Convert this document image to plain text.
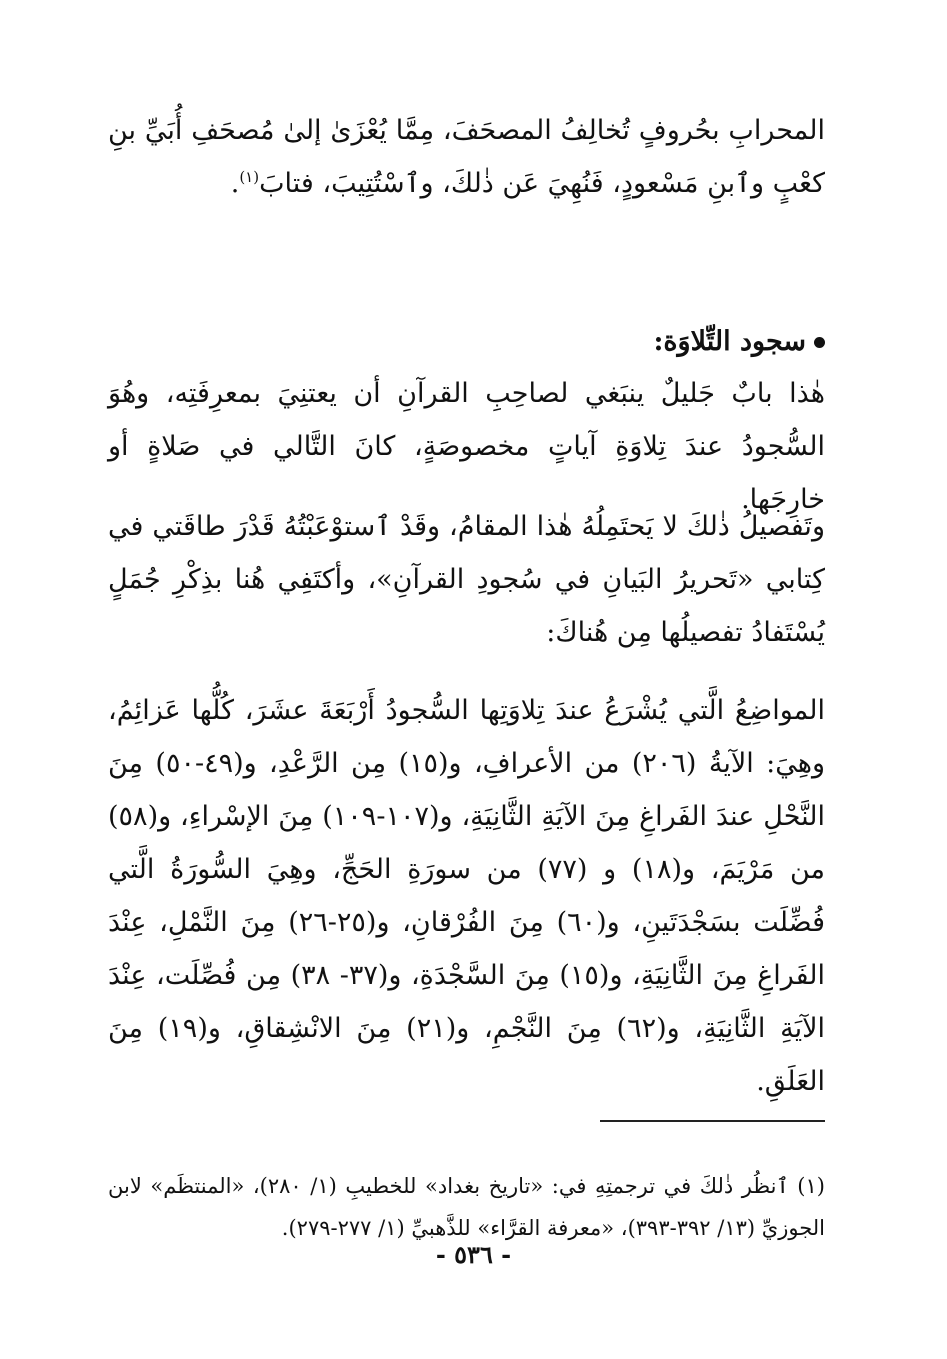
المحرابِ بحُروفٍ تُخالِفُ المصحَفَ، مِمَّا يُعْزَىٰ إلىٰ مُصحَفِ أُبَيِّ بنِ كعْبٍ وٱبنِ مَسْعودٍ، فَنُهِيَ عَن ذٰلكَ، وٱسْتُتِيبَ، فتابَ$^{(١)}$.

سجود التِّلاوَة:

هٰذا بابٌ جَليلٌ ينبَغي لصاحِبِ القرآنِ أن يعتنِيَ بمعرِفَتِه، وهُوَ السُّجودُ عندَ تِلاوَةِ آياتٍ مخصوصَةٍ، كانَ التَّالي في صَلاةٍ أو خارِجَها.

وتَفصيلُ ذٰلكَ لا يَحتَمِلُهُ هٰذا المقامُ، وقَدْ ٱستوْعَبْتُهُ قَدْرَ طاقَتي في كِتابي «تَحريرُ البَيانِ في سُجودِ القرآنِ»، وأكتَفِي هُنا بذِكْرِ جُمَلٍ يُسْتَفادُ تفصيلُها مِن هُناكَ:

المواضِعُ الَّتي يُشْرَعُ عندَ تِلاوَتِها السُّجودُ أَرْبَعَةَ عشَرَ، كُلُّها عَزائِمُ، وهِيَ: الآيةُ (٢٠٦) من الأعرافِ، و(١٥) مِن الرَّعْدِ، و(٤٩-٥٠) مِنَ النَّحْلِ عندَ الفَراغِ مِنَ الآيَةِ الثَّانِيَةِ، و(١٠٧-١٠٩) مِنَ الإسْراءِ، و(٥٨) من مَرْيَمَ، و(١٨) و (٧٧) من سورَةِ الحَجِّ، وهِيَ السُّورَةُ الَّتي فُضِّلَت بسَجْدَتَينِ، و(٦٠) مِنَ الفُرْقانِ، و(٢٥-٢٦) مِنَ النَّمْلِ، عِنْدَ الفَراغِ مِنَ الثَّانِيَةِ، و(١٥) مِنَ السَّجْدَةِ، و(٣٧- ٣٨) مِن فُصِّلَت، عِنْدَ الآيَةِ الثَّانِيَةِ، و(٦٢) مِنَ النَّجْمِ، و(٢١) مِنَ الانْشِقاقِ، و(١٩) مِنَ العَلَقِ.

(١) ٱنظُر ذٰلكَ في ترجمتِهِ في: «تاريخ بغداد» للخطيبِ (١/ ٢٨٠)، «المنتظَم» لابن الجوزيِّ (١٣/ ٣٩٢-٣٩٣)، «معرفة القرَّاء» للذَّهبيِّ (١/ ٢٧٧-٢٧٩).

- ٥٣٦ -
